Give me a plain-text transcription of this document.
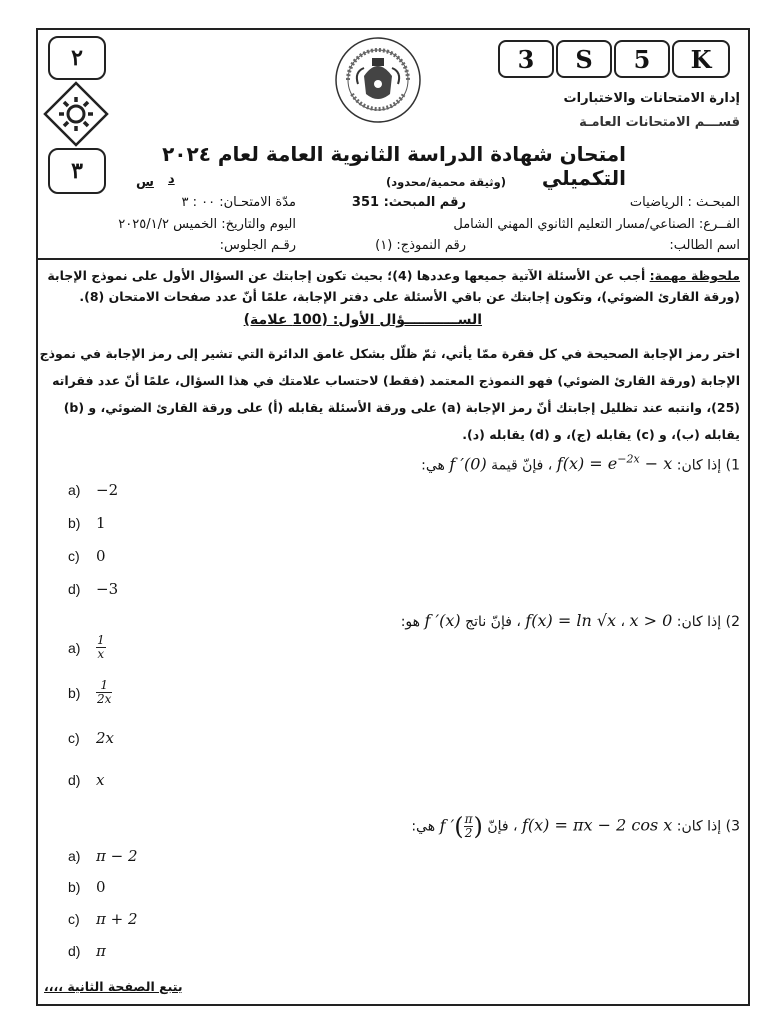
٢
٣
3	S	5	K
إدارة الامتحانات والاختبارات
قســـم الامتحانات العامـة
امتحان شهادة الدراسة الثانوية العامة لعام ٢٠٢٤ التكميلي
د
س	(وثيقة محمية/محدود)
المبحـث : الرياضيات
رقم المبحث: 351
مدّة الامتحـان: ٠٠ : ٣
الفــرع: الصناعي/مسار التعليم الثانوي المهني الشامل
اليوم والتاريخ: الخميس ٢٠٢٥/١/٢
اسم الطالب:
رقم النموذج: (١)
رقـم الجلوس:
ملحوظة مهمة: أجب عن الأسئلة الآتية جميعها وعددها (4)؛ بحيث تكون إجابتك عن السؤال الأول على نموذج الإجابة
(ورقة القارئ الضوئي)، وتكون إجابتك عن باقي الأسئلة على دفتر الإجابة، علمًا أنّ عدد صفحات الامتحان (8).
الســـــــــــؤال الأول: (100 علامة)
اختر رمز الإجابة الصحيحة في كل فقرة ممّا يأتي، ثمّ ظلّل بشكل غامق الدائرة التي تشير إلى رمز الإجابة في نموذج
الإجابة (ورقة القارئ الضوئي) فهو النموذج المعتمد (فقط) لاحتساب علامتك في هذا السؤال، علمًا أنّ عدد فقراته
(25)، وانتبه عند تظليل إجابتك أنّ رمز الإجابة (a) على ورقة الأسئلة يقابله (أ) على ورقة القارئ الضوئي، و (b)
يقابله (ب)، و (c) يقابله (ج)، و (d) يقابله (د).
1) إذا كان: $f(x) = e^{-2x} - x$ ، فإنّ قيمة f ′(0) هي:
a) −2
b) 1
c) 0
d) −3
2) إذا كان: x > 0 ، f(x) = ln √x ، فإنّ ناتج f ′(x) هو:
$a) \frac{1}{x}$
$b) \frac{1}{2x}$
c) 2x
d) x
3) إذا كان: f(x) = πx − 2 cos x ، فإنّ f ′( $\frac{\pi}{2}$ ) هي:
a) π − 2
b) 0
c) π + 2
d) π
يتبع الصفحة الثانية ،،،،
